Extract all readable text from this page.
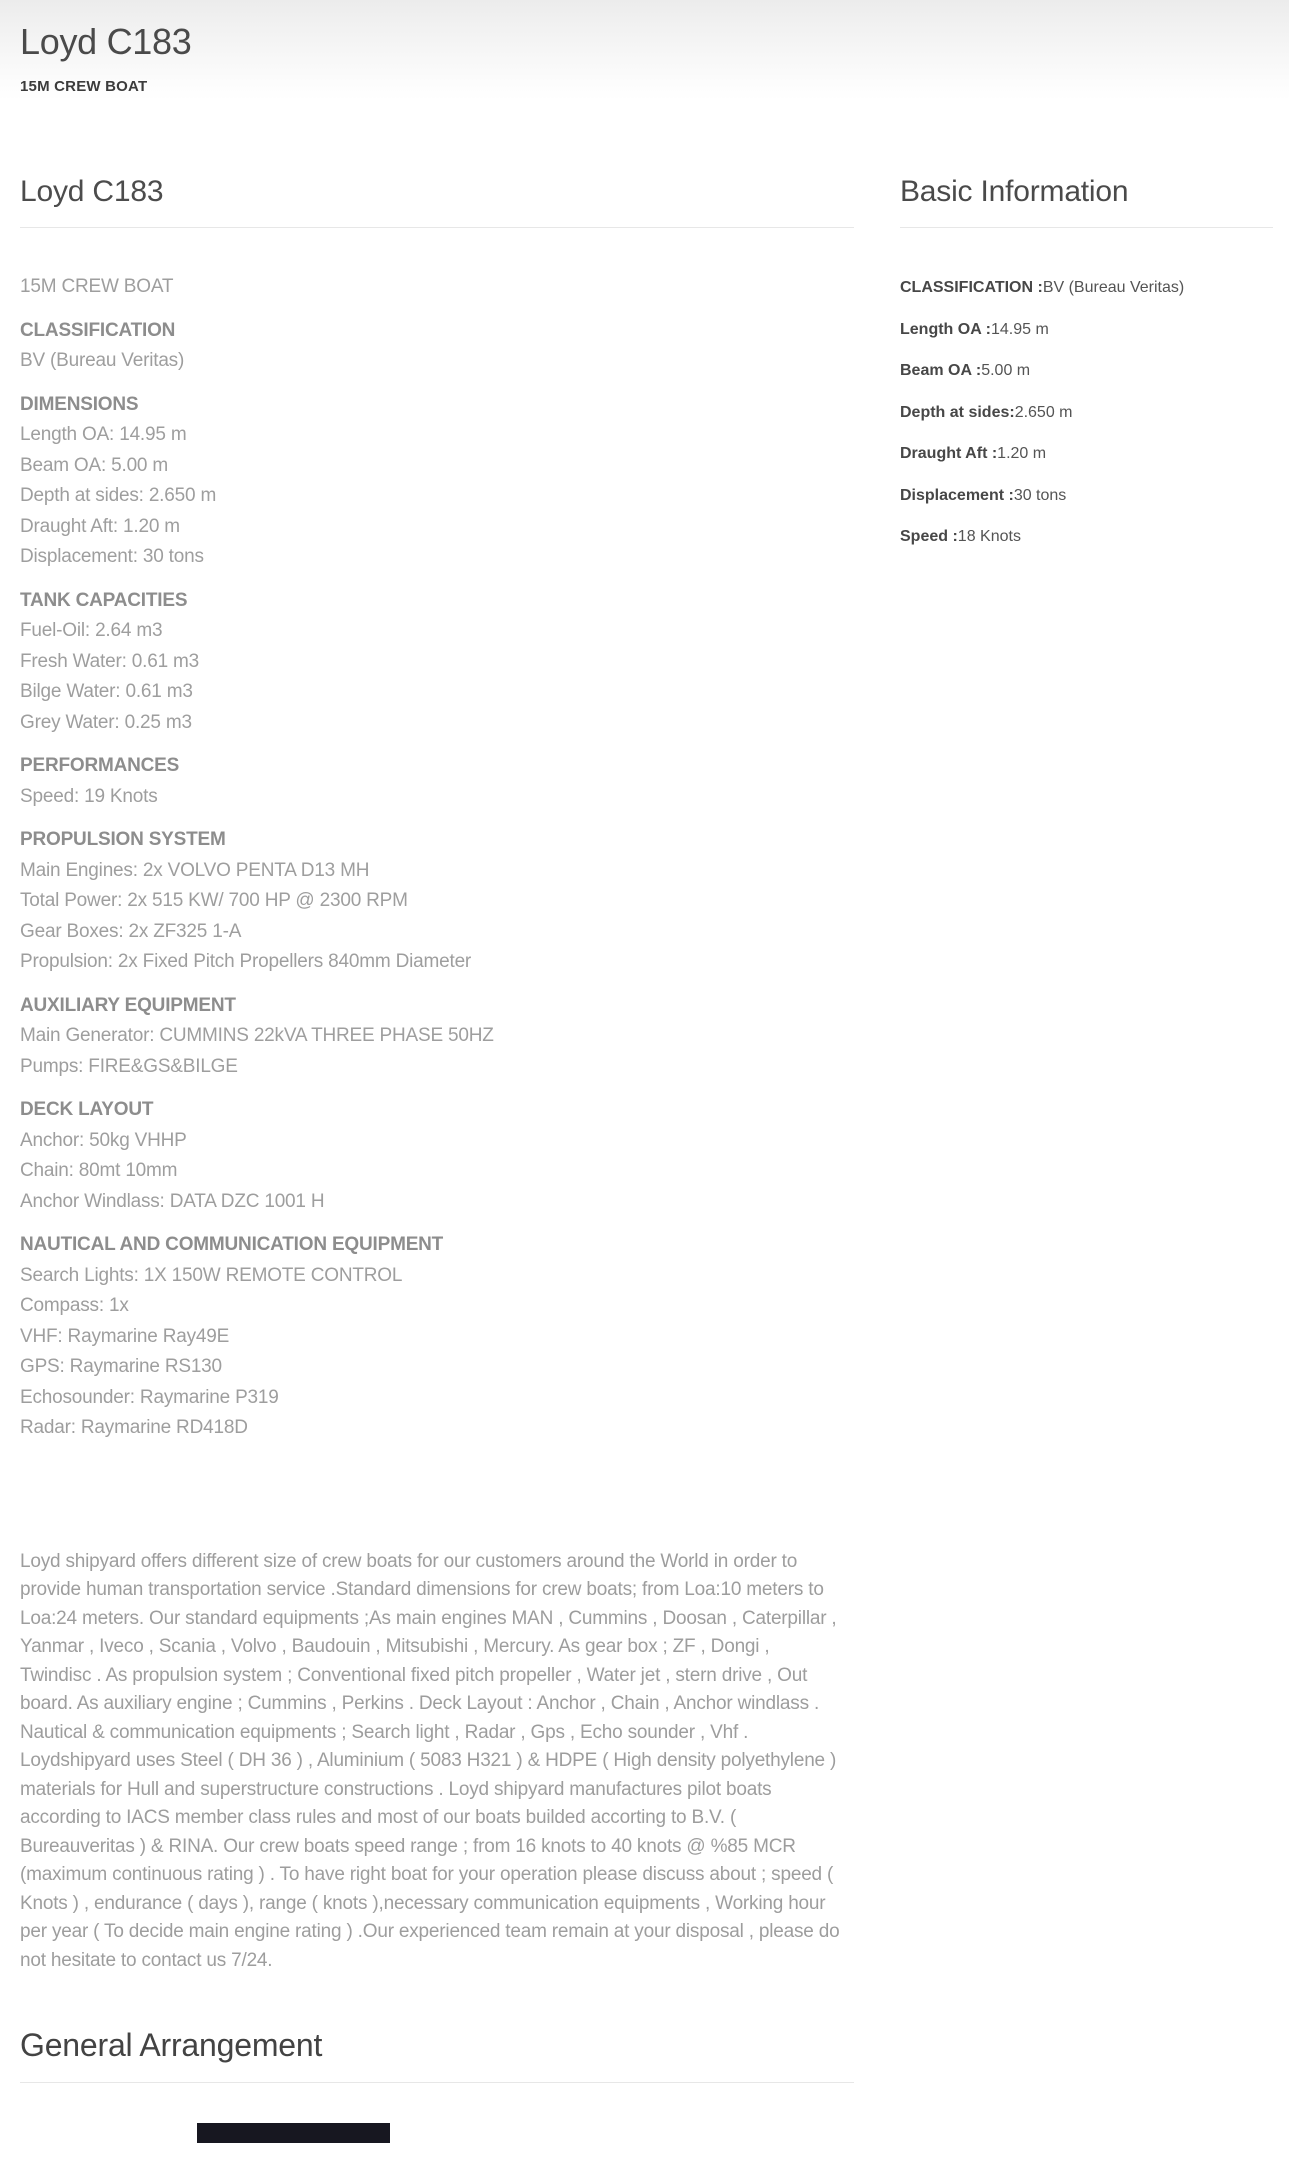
Loyd C183
15M CREW BOAT
Loyd C183
15M CREW BOAT
CLASSIFICATION
BV (Bureau Veritas)
DIMENSIONS
Length OA: 14.95 m
Beam OA: 5.00 m
Depth at sides: 2.650 m
Draught Aft: 1.20 m
Displacement: 30 tons
TANK CAPACITIES
Fuel-Oil: 2.64 m3
Fresh Water: 0.61 m3
Bilge Water: 0.61 m3
Grey Water: 0.25 m3
PERFORMANCES
Speed: 19 Knots
PROPULSION SYSTEM
Main Engines: 2x VOLVO PENTA D13 MH
Total Power: 2x 515 KW/ 700 HP @ 2300 RPM
Gear Boxes: 2x ZF325 1-A
Propulsion: 2x Fixed Pitch Propellers 840mm Diameter
AUXILIARY EQUIPMENT
Main Generator: CUMMINS 22kVA THREE PHASE 50HZ
Pumps: FIRE&GS&BILGE
DECK LAYOUT
Anchor: 50kg VHHP
Chain: 80mt 10mm
Anchor Windlass: DATA DZC 1001 H
NAUTICAL AND COMMUNICATION EQUIPMENT
Search Lights: 1X 150W REMOTE CONTROL
Compass: 1x
VHF: Raymarine Ray49E
GPS: Raymarine RS130
Echosounder: Raymarine P319
Radar: Raymarine RD418D

Loyd shipyard offers different size of crew boats for our customers around the World in order to provide human transportation service .Standard dimensions for crew boats; from Loa:10 meters to Loa:24 meters. Our standard equipments ;As main engines MAN , Cummins , Doosan , Caterpillar , Yanmar , Iveco , Scania , Volvo , Baudouin , Mitsubishi , Mercury. As gear box ; ZF , Dongi , Twindisc . As propulsion system ; Conventional fixed pitch propeller , Water jet , stern drive , Out board. As auxiliary engine ; Cummins , Perkins . Deck Layout : Anchor , Chain , Anchor windlass . Nautical & communication equipments ; Search light , Radar , Gps , Echo sounder , Vhf . Loydshipyard uses Steel ( DH 36 ) , Aluminium ( 5083 H321 ) & HDPE ( High density polyethylene ) materials for Hull and superstructure constructions . Loyd shipyard manufactures pilot boats according to IACS member class rules and most of our boats builded accorting to B.V. ( Bureauveritas ) & RINA. Our crew boats speed range ; from 16 knots to 40 knots @ %85 MCR (maximum continuous rating ) . To have right boat for your operation please discuss about ; speed ( Knots ) , endurance ( days ), range ( knots ),necessary communication equipments , Working hour per year ( To decide main engine rating ) .Our experienced team remain at your disposal , please do not hesitate to contact us 7/24.

General Arrangement
Basic Information

CLASSIFICATION :BV (Bureau Veritas)

Length OA :14.95 m

Beam OA :5.00 m

Depth at sides:2.650 m

Draught Aft :1.20 m

Displacement :30 tons

Speed :18 Knots
